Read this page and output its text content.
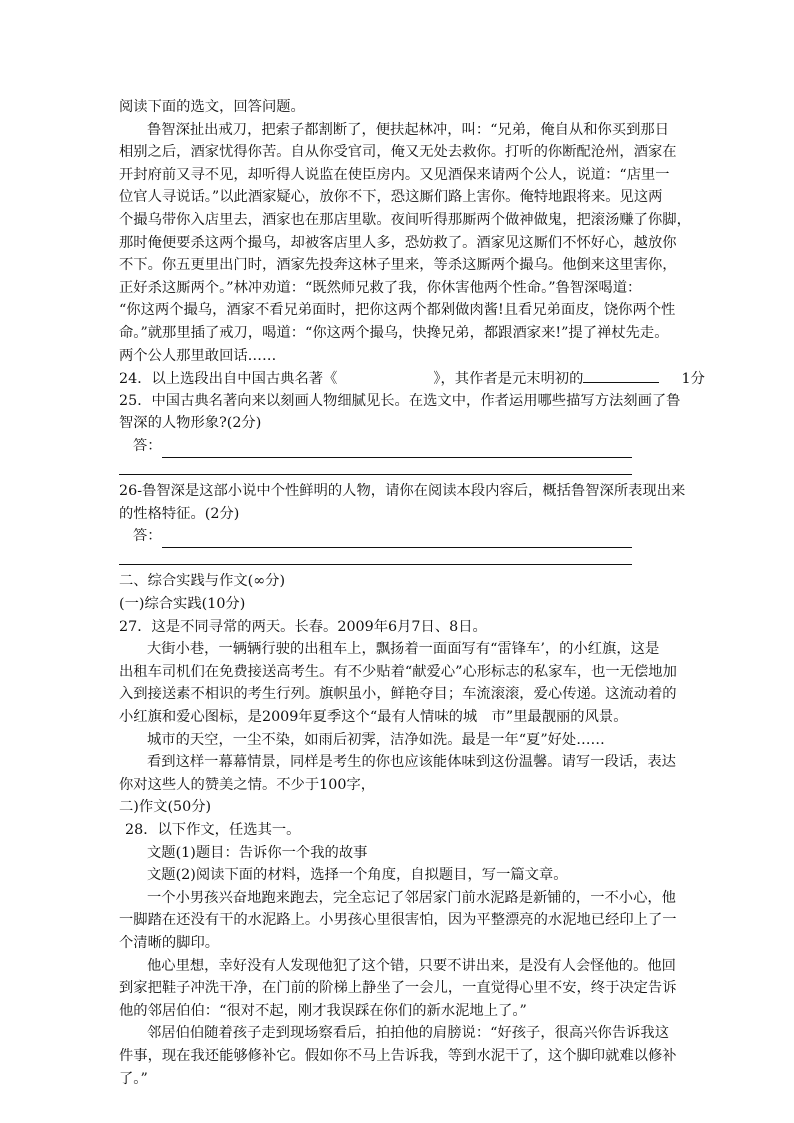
阅读下面的选文，回答问题。
鲁智深扯出戒刀，把索子都割断了，便扶起林冲，叫：“兄弟，俺自从和你买到那日
相别之后，酒家忧得你苦。自从你受官司，俺又无处去救你。打听的你断配沧州，酒家在
开封府前又寻不见，却听得人说监在使臣房内。又见酒保来请两个公人，说道：“店里一
位官人寻说话。”以此酒家疑心，放你不下，恐这厮们路上害你。俺特地跟将来。见这两
个撮乌带你入店里去，酒家也在那店里歇。夜间听得那厮两个做神做鬼，把滚汤赚了你脚，
那时俺便要杀这两个撮乌，却被客店里人多，恐妨救了。酒家见这厮们不怀好心，越放你
不下。你五更里出门时，酒家先投奔这林子里来，等杀这厮两个撮乌。他倒来这里害你，
正好杀这厮两个。”林冲劝道：“既然师兄救了我，你休害他两个性命。”鲁智深喝道：
“你这两个撮乌，酒家不看兄弟面时，把你这两个都剁做肉酱!且看兄弟面皮，饶你两个性
命。”就那里插了戒刀，喝道：“你这两个撮乌，快搀兄弟，都跟酒家来!”提了禅杖先走。
两个公人那里敢回话……
24．以上选段出自中国古典名著《	》，其作者是元末明初的	1分
25．中国古典名著向来以刻画人物细腻见长。在选文中，作者运用哪些描写方法刻画了鲁
智深的人物形象?(2分)
答：
26-鲁智深是这部小说中个性鲜明的人物，请你在阅读本段内容后，概括鲁智深所表现出来
的性格特征。(2分)
答：
二、综合实践与作文(∞分)
(一)综合实践(10分)
27．这是不同寻常的两天。长春。2009年6月7日、8日。
大街小巷，一辆辆行驶的出租车上，飘扬着一面面写有“雷锋车’，的小红旗，这是
出租车司机们在免费接送高考生。有不少贴着“献爱心”心形标志的私家车，也一无偿地加
入到接送素不相识的考生行列。旗帜虽小，鲜艳夺目；车流滚滚，爱心传递。这流动着的
小红旗和爱心图标，是2009年夏季这个“最有人情味的城　市”里最靓丽的风景。
城市的天空，一尘不染，如雨后初霁，洁净如洗。最是一年“夏”好处……
看到这样一幕幕情景，同样是考生的你也应该能体味到这份温馨。请写一段话，表达
你对这些人的赞美之情。不少于100字，
二)作文(50分)
28．以下作文，任选其一。
文题(1)题目：告诉你一个我的故事
文题(2)阅读下面的材料，选择一个角度，自拟题目，写一篇文章。
一个小男孩兴奋地跑来跑去，完全忘记了邻居家门前水泥路是新铺的，一不小心，他
一脚踏在还没有干的水泥路上。小男孩心里很害怕，因为平整漂亮的水泥地已经印上了一
个清晰的脚印。
他心里想，幸好没有人发现他犯了这个错，只要不讲出来，是没有人会怪他的。他回
到家把鞋子冲洗干净，在门前的阶梯上静坐了一会儿，一直觉得心里不安，终于决定告诉
他的邻居伯伯：“很对不起，刚才我误踩在你们的新水泥地上了。”
邻居伯伯随着孩子走到现场察看后，拍拍他的肩膀说：“好孩子，很高兴你告诉我这
件事，现在我还能够修补它。假如你不马上告诉我，等到水泥干了，这个脚印就难以修补
了。”
